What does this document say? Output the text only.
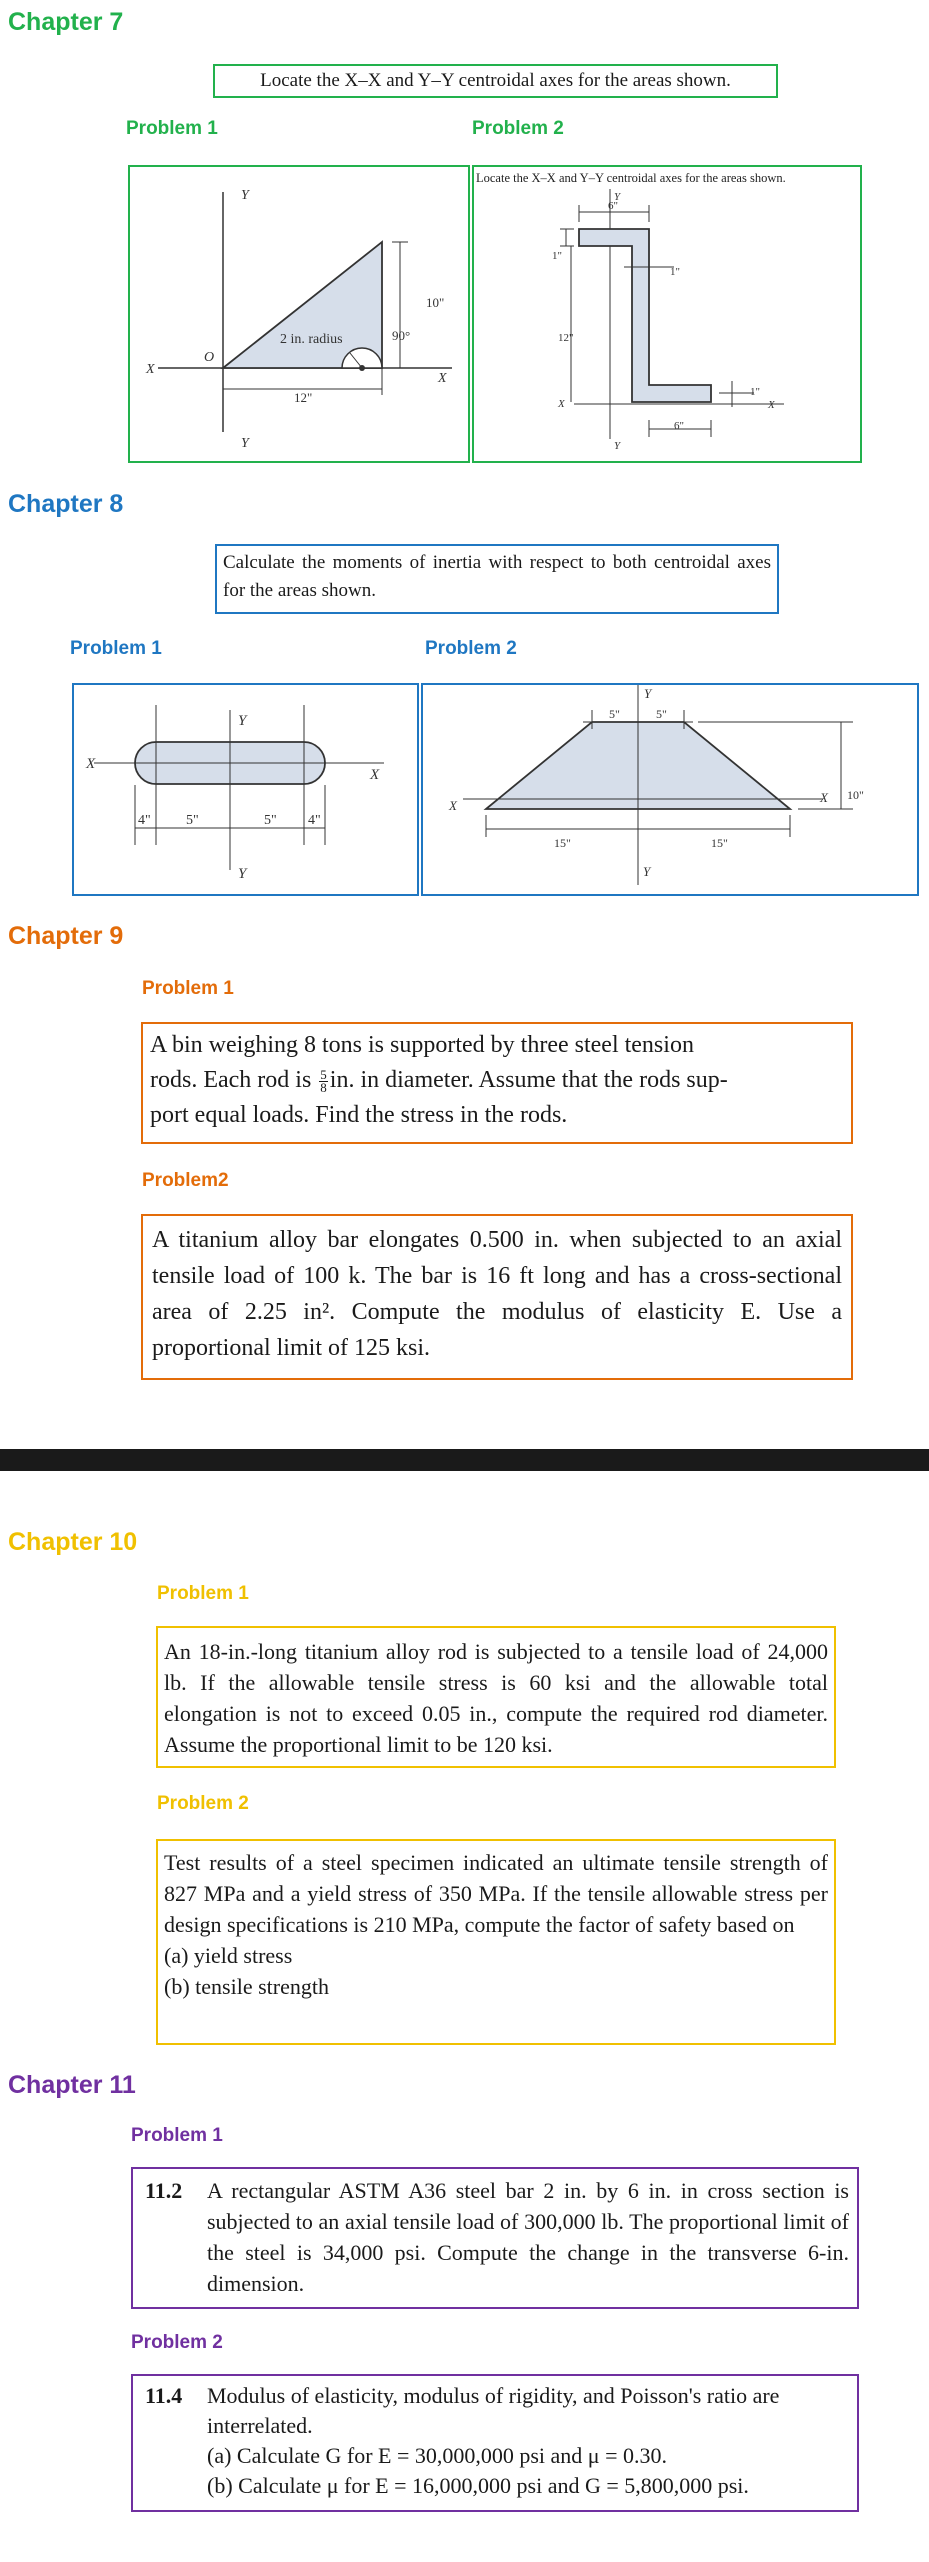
Chapter 7
Locate the X–X and Y–Y centroidal axes for the areas shown.
Problem 1	Problem 2
Y
Y
X
X
O
2 in. radius	90°
10"
12"
Locate the X–X and Y–Y centroidal axes for the areas shown.
Y
Y
X	X
6"
1"
1"
12"
6"
1"
Chapter 8
Calculate the moments of inertia with respect to both centroidal axes for the areas shown.
Problem 1	Problem 2
Y
Y
X
X
4"	5"	5" 4"
Y
Y
X
X
5"	5"
15"	15"
10"
Chapter 9
Problem 1
A bin weighing 8 tons is supported by three steel tension
rods. Each rod is $\frac{5}{8}$ in. in diameter. Assume that the rods sup-
port equal loads. Find the stress in the rods.
Problem2
A titanium alloy bar elongates 0.500 in. when subjected to an axial tensile load of 100 k. The bar is 16 ft long and has a cross-sectional area of 2.25 in². Compute the modulus of elasticity E. Use a proportional limit of 125 ksi.
Chapter 10
Problem 1
An 18-in.-long titanium alloy rod is subjected to a tensile load of 24,000 lb. If the allowable tensile stress is 60 ksi and the allowable total elongation is not to exceed 0.05 in., compute the required rod diameter. Assume the proportional limit to be 120 ksi.
Problem 2
Test results of a steel specimen indicated an ultimate tensile strength of 827 MPa and a yield stress of 350 MPa. If the tensile allowable stress per design specifications is 210 MPa, compute the factor of safety based on
(a) yield stress
(b) tensile strength
Chapter 11
Problem 1
11.2	A rectangular ASTM A36 steel bar 2 in. by 6 in. in cross section is subjected to an axial tensile load of 300,000 lb. The proportional limit of the steel is 34,000 psi. Compute the change in the transverse 6-in. dimension.
Problem 2
11.4	Modulus of elasticity, modulus of rigidity, and Poisson's ratio are interrelated.
(a) Calculate G for E = 30,000,000 psi and μ = 0.30.
(b) Calculate μ for E = 16,000,000 psi and G = 5,800,000 psi.
